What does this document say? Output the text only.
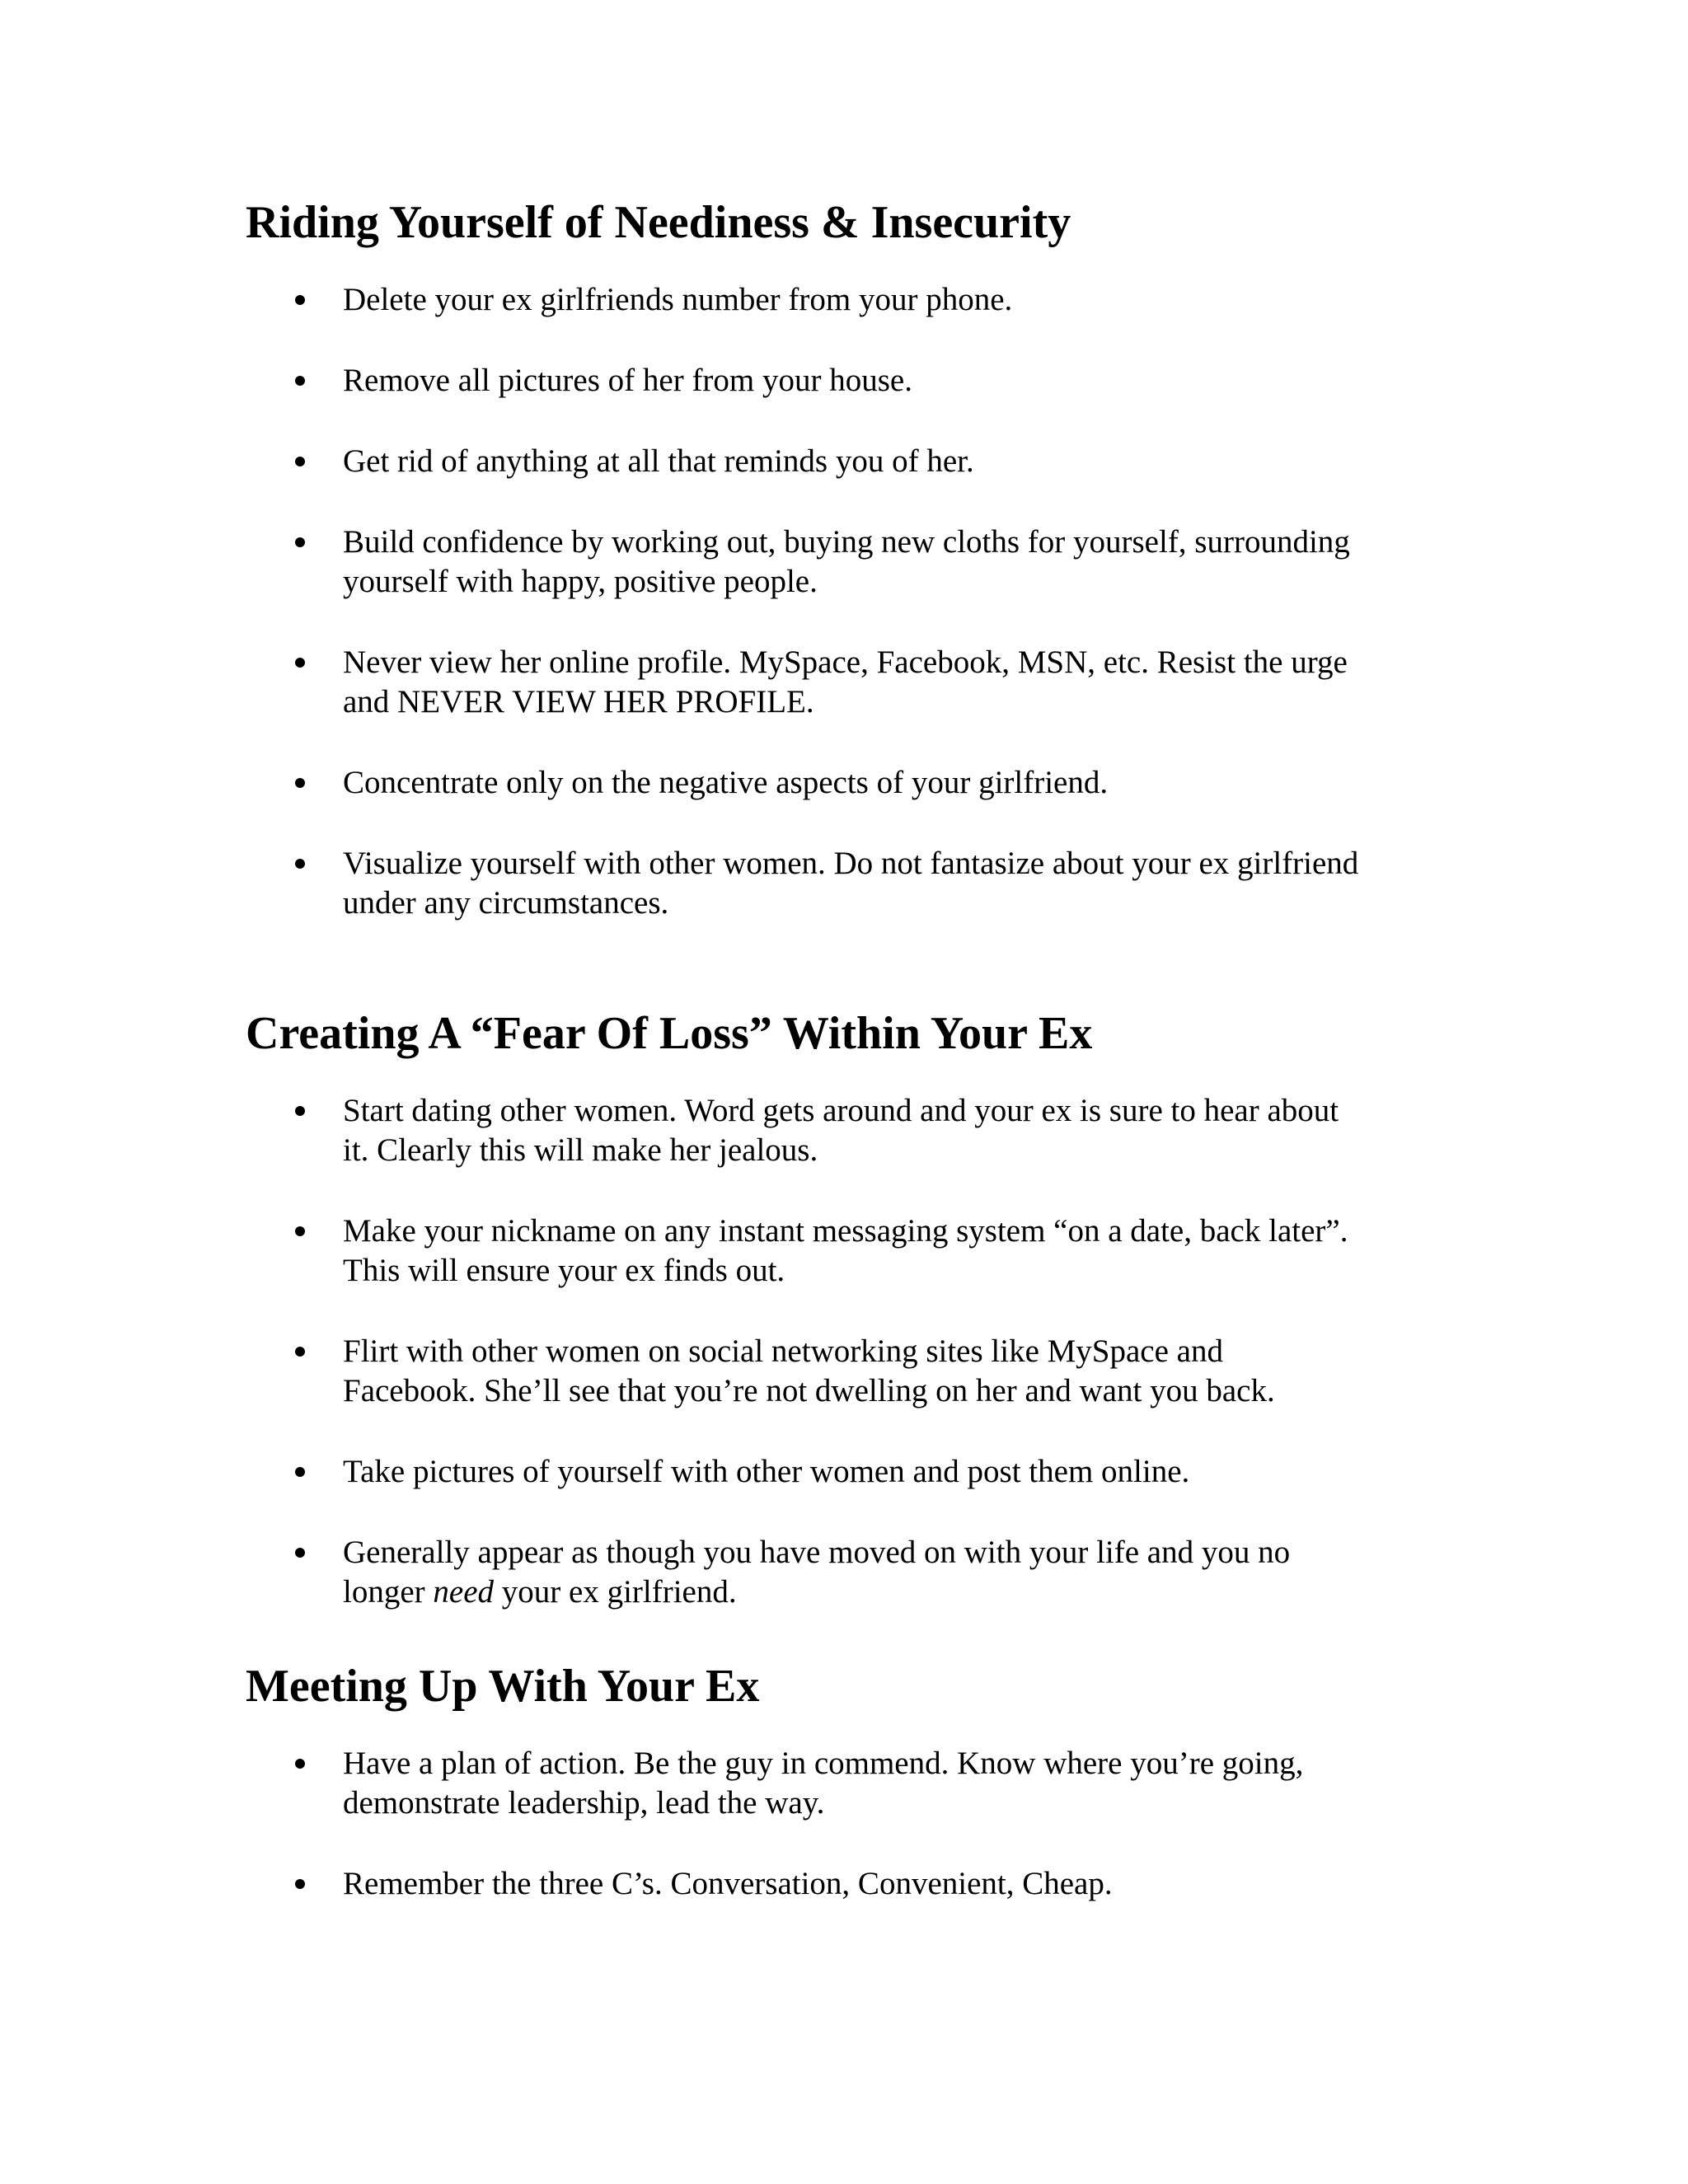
Riding Yourself of Neediness & Insecurity
Delete your ex girlfriends number from your phone.
Remove all pictures of her from your house.
Get rid of anything at all that reminds you of her.
Build confidence by working out, buying new cloths for yourself, surrounding
yourself with happy, positive people.
Never view her online profile. MySpace, Facebook, MSN, etc. Resist the urge
and NEVER VIEW HER PROFILE.
Concentrate only on the negative aspects of your girlfriend.
Visualize yourself with other women. Do not fantasize about your ex girlfriend
under any circumstances.
Creating A “Fear Of Loss” Within Your Ex
Start dating other women. Word gets around and your ex is sure to hear about
it. Clearly this will make her jealous.
Make your nickname on any instant messaging system “on a date, back later”.
This will ensure your ex finds out.
Flirt with other women on social networking sites like MySpace and
Facebook. She’ll see that you’re not dwelling on her and want you back.
Take pictures of yourself with other women and post them online.
Generally appear as though you have moved on with your life and you no
longer need your ex girlfriend.
Meeting Up With Your Ex
Have a plan of action. Be the guy in commend. Know where you’re going,
demonstrate leadership, lead the way.
Remember the three C’s. Conversation, Convenient, Cheap.
